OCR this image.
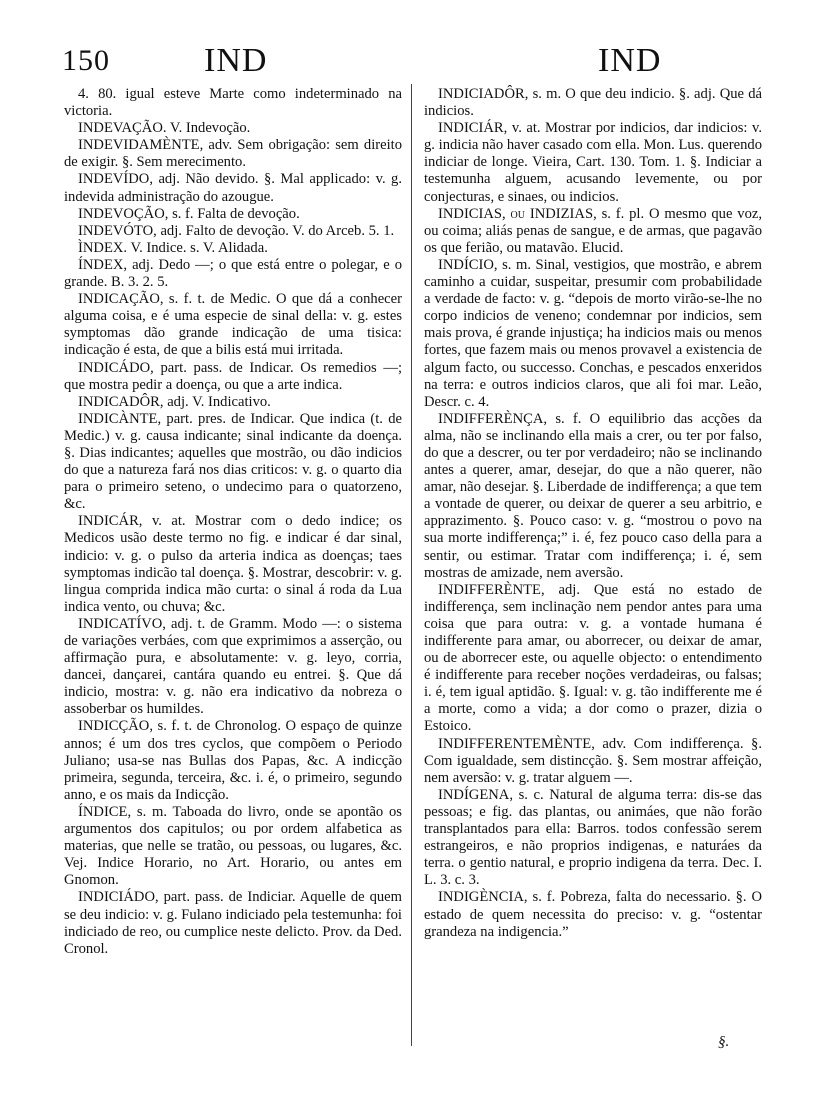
150	IND	IND

4. 80. igual esteve Marte como indeterminado na victoria.

INDEVAÇÃO. V. Indevoção.

INDEVIDAMÈNTE, adv. Sem obrigação: sem direito de exigir. §. Sem merecimento.

INDEVÍDO, adj. Não devido. §. Mal applicado: v. g. indevida administração do azougue.

INDEVOÇÃO, s. f. Falta de devoção.

INDEVÓTO, adj. Falto de devoção. V. do Arceb. 5. 1.

ÌNDEX. V. Indice. s. V. Alidada.

ÍNDEX, adj. Dedo —; o que está entre o polegar, e o grande. B. 3. 2. 5.

INDICAÇÃO, s. f. t. de Medic. O que dá a conhecer alguma coisa, e é uma especie de sinal della: v. g. estes symptomas dão grande indicação de uma tisica: indicação é esta, de que a bilis está mui irritada.

INDICÁDO, part. pass. de Indicar. Os remedios —; que mostra pedir a doença, ou que a arte indica.

INDICADÔR, adj. V. Indicativo.

INDICÀNTE, part. pres. de Indicar. Que indica (t. de Medic.) v. g. causa indicante; sinal indicante da doença. §. Dias indicantes; aquelles que mostrão, ou dão indicios do que a natureza fará nos dias criticos: v. g. o quarto dia para o primeiro seteno, o undecimo para o quatorzeno, &c.

INDICÁR, v. at. Mostrar com o dedo indice; os Medicos usão deste termo no fig. e indicar é dar sinal, indicio: v. g. o pulso da arteria indica as doenças; taes symptomas indicão tal doença. §. Mostrar, descobrir: v. g. lingua comprida indica mão curta: o sinal á roda da Lua indica vento, ou chuva; &c.

INDICATÍVO, adj. t. de Gramm. Modo —: o sistema de variações verbáes, com que exprimimos a asserção, ou affirmação pura, e absolutamente: v. g. leyo, corria, dancei, dançarei, cantára quando eu entrei. §. Que dá indicio, mostra: v. g. não era indicativo da nobreza o assoberbar os humildes.

INDICÇÃO, s. f. t. de Chronolog. O espaço de quinze annos; é um dos tres cyclos, que compõem o Periodo Juliano; usa-se nas Bullas dos Papas, &c. A indicção primeira, segunda, terceira, &c. i. é, o primeiro, segundo anno, e os mais da Indicção.

ÍNDICE, s. m. Taboada do livro, onde se apontão os argumentos dos capitulos; ou por ordem alfabetica as materias, que nelle se tratão, ou pessoas, ou lugares, &c. Vej. Indice Horario, no Art. Horario, ou antes em Gnomon.

INDICIÁDO, part. pass. de Indiciar. Aquelle de quem se deu indicio: v. g. Fulano indiciado pela testemunha: foi indiciado de reo, ou cumplice neste delicto. Prov. da Ded. Cronol.

INDICIADÔR, s. m. O que deu indicio. §. adj. Que dá indicios.

INDICIÁR, v. at. Mostrar por indicios, dar indicios: v. g. indicia não haver casado com ella. Mon. Lus. querendo indiciar de longe. Vieira, Cart. 130. Tom. 1. §. Indiciar a testemunha alguem, acusando levemente, ou por conjecturas, e sinaes, ou indicios.

INDICIAS, ou INDIZIAS, s. f. pl. O mesmo que voz, ou coima; aliás penas de sangue, e de armas, que pagavão os que ferião, ou matavão. Elucid.

INDÍCIO, s. m. Sinal, vestigios, que mostrão, e abrem caminho a cuidar, suspeitar, presumir com probabilidade a verdade de facto: v. g. “depois de morto virão-se-lhe no corpo indicios de veneno; condemnar por indicios, sem mais prova, é grande injustiça; ha indicios mais ou menos fortes, que fazem mais ou menos provavel a existencia de algum facto, ou successo. Conchas, e pescados enxeridos na terra: e outros indicios claros, que ali foi mar. Leão, Descr. c. 4.

INDIFFERÈNÇA, s. f. O equilibrio das acções da alma, não se inclinando ella mais a crer, ou ter por falso, do que a descrer, ou ter por verdadeiro; não se inclinando antes a querer, amar, desejar, do que a não querer, não amar, não desejar. §. Liberdade de indifferença; a que tem a vontade de querer, ou deixar de querer a seu arbitrio, e apprazimento. §. Pouco caso: v. g. “mostrou o povo na sua morte indifferença;” i. é, fez pouco caso della para a sentir, ou estimar. Tratar com indifferença; i. é, sem mostras de amizade, nem aversão.

INDIFFERÈNTE, adj. Que está no estado de indifferença, sem inclinação nem pendor antes para uma coisa que para outra: v. g. a vontade humana é indifferente para amar, ou aborrecer, ou deixar de amar, ou de aborrecer este, ou aquelle objecto: o entendimento é indifferente para receber noções verdadeiras, ou falsas; i. é, tem igual aptidão. §. Igual: v. g. tão indifferente me é a morte, como a vida; a dor como o prazer, dizia o Estoico.

INDIFFERENTEMÈNTE, adv. Com indifferença. §. Com igualdade, sem distincção. §. Sem mostrar affeição, nem aversão: v. g. tratar alguem —.

INDÍGENA, s. c. Natural de alguma terra: dis-se das pessoas; e fig. das plantas, ou animáes, que não forão transplantados para ella: Barros. todos confessão serem estrangeiros, e não proprios indigenas, e naturáes da terra. o gentio natural, e proprio indigena da terra. Dec. I. L. 3. c. 3.

INDIGÈNCIA, s. f. Pobreza, falta do necessario. §. O estado de quem necessita do preciso: v. g. “ostentar grandeza na indigencia.”

§.
